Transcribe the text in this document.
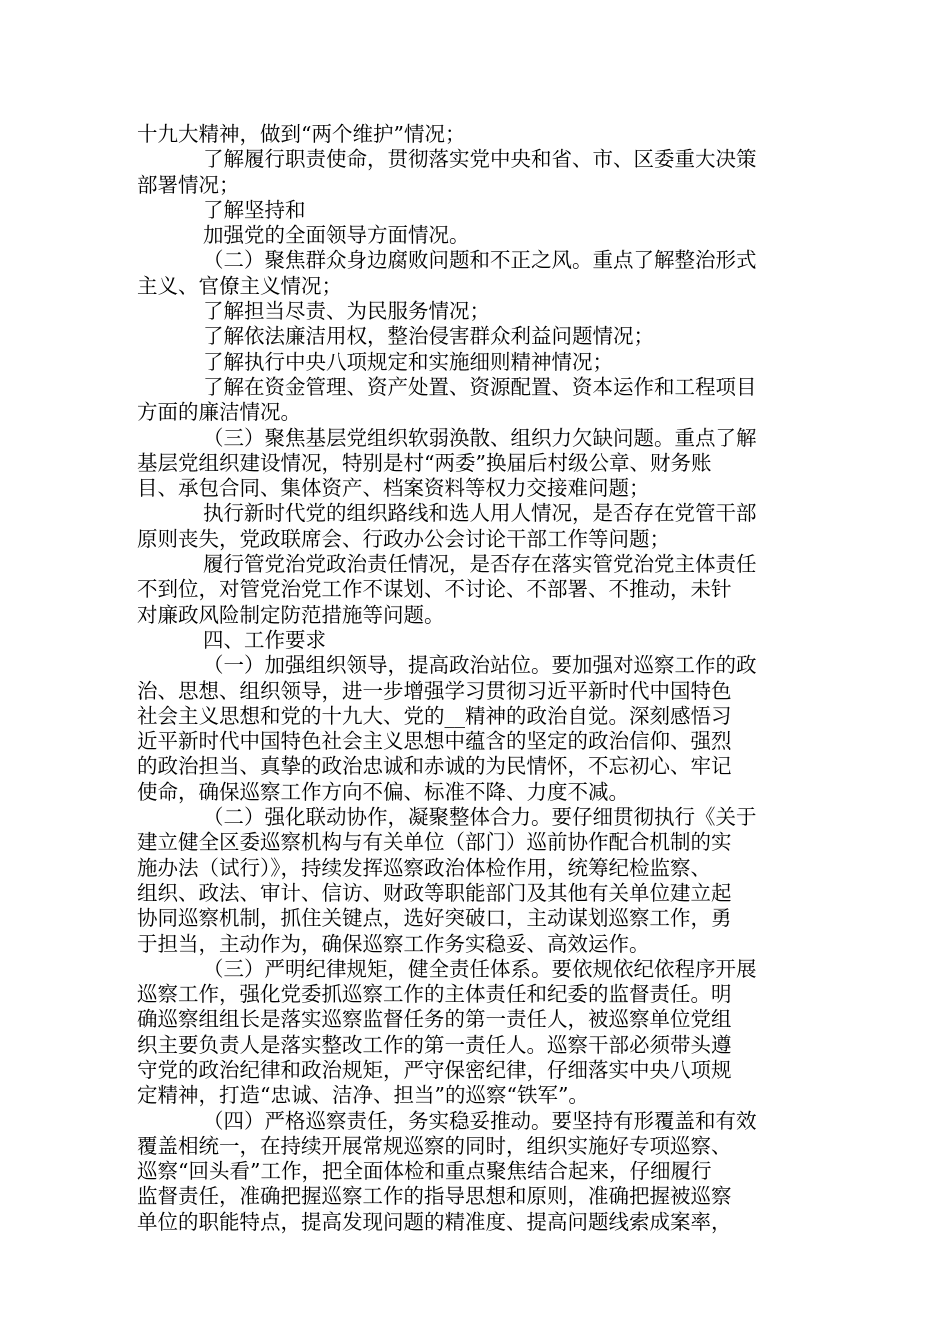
十九大精神，做到“两个维护”情况；
了解履行职责使命，贯彻落实党中央和省、市、区委重大决策
部署情况；
了解坚持和
加强党的全面领导方面情况。
（二）聚焦群众身边腐败问题和不正之风。重点了解整治形式
主义、官僚主义情况；
了解担当尽责、为民服务情况；
了解依法廉洁用权，整治侵害群众利益问题情况；
了解执行中央八项规定和实施细则精神情况；
了解在资金管理、资产处置、资源配置、资本运作和工程项目
方面的廉洁情况。
（三）聚焦基层党组织软弱涣散、组织力欠缺问题。重点了解
基层党组织建设情况，特别是村“两委”换届后村级公章、财务账
目、承包合同、集体资产、档案资料等权力交接难问题；
执行新时代党的组织路线和选人用人情况，是否存在党管干部
原则丧失，党政联席会、行政办公会讨论干部工作等问题；
履行管党治党政治责任情况，是否存在落实管党治党主体责任
不到位，对管党治党工作不谋划、不讨论、不部署、不推动，未针
对廉政风险制定防范措施等问题。
四、工作要求
（一）加强组织领导，提高政治站位。要加强对巡察工作的政
治、思想、组织领导，进一步增强学习贯彻习近平新时代中国特色
社会主义思想和党的十九大、党的__精神的政治自觉。深刻感悟习
近平新时代中国特色社会主义思想中蕴含的坚定的政治信仰、强烈
的政治担当、真挚的政治忠诚和赤诚的为民情怀，不忘初心、牢记
使命，确保巡察工作方向不偏、标准不降、力度不减。
（二）强化联动协作，凝聚整体合力。要仔细贯彻执行《关于
建立健全区委巡察机构与有关单位（部门）巡前协作配合机制的实
施办法（试行）》，持续发挥巡察政治体检作用，统筹纪检监察、
组织、政法、审计、信访、财政等职能部门及其他有关单位建立起
协同巡察机制，抓住关键点，选好突破口，主动谋划巡察工作，勇
于担当，主动作为，确保巡察工作务实稳妥、高效运作。
（三）严明纪律规矩，健全责任体系。要依规依纪依程序开展
巡察工作，强化党委抓巡察工作的主体责任和纪委的监督责任。明
确巡察组组长是落实巡察监督任务的第一责任人，被巡察单位党组
织主要负责人是落实整改工作的第一责任人。巡察干部必须带头遵
守党的政治纪律和政治规矩，严守保密纪律，仔细落实中央八项规
定精神，打造“忠诚、洁净、担当”的巡察“铁军”。
（四）严格巡察责任，务实稳妥推动。要坚持有形覆盖和有效
覆盖相统一，在持续开展常规巡察的同时，组织实施好专项巡察、
巡察“回头看”工作，把全面体检和重点聚焦结合起来，仔细履行
监督责任，准确把握巡察工作的指导思想和原则，准确把握被巡察
单位的职能特点，提高发现问题的精准度、提高问题线索成案率，
